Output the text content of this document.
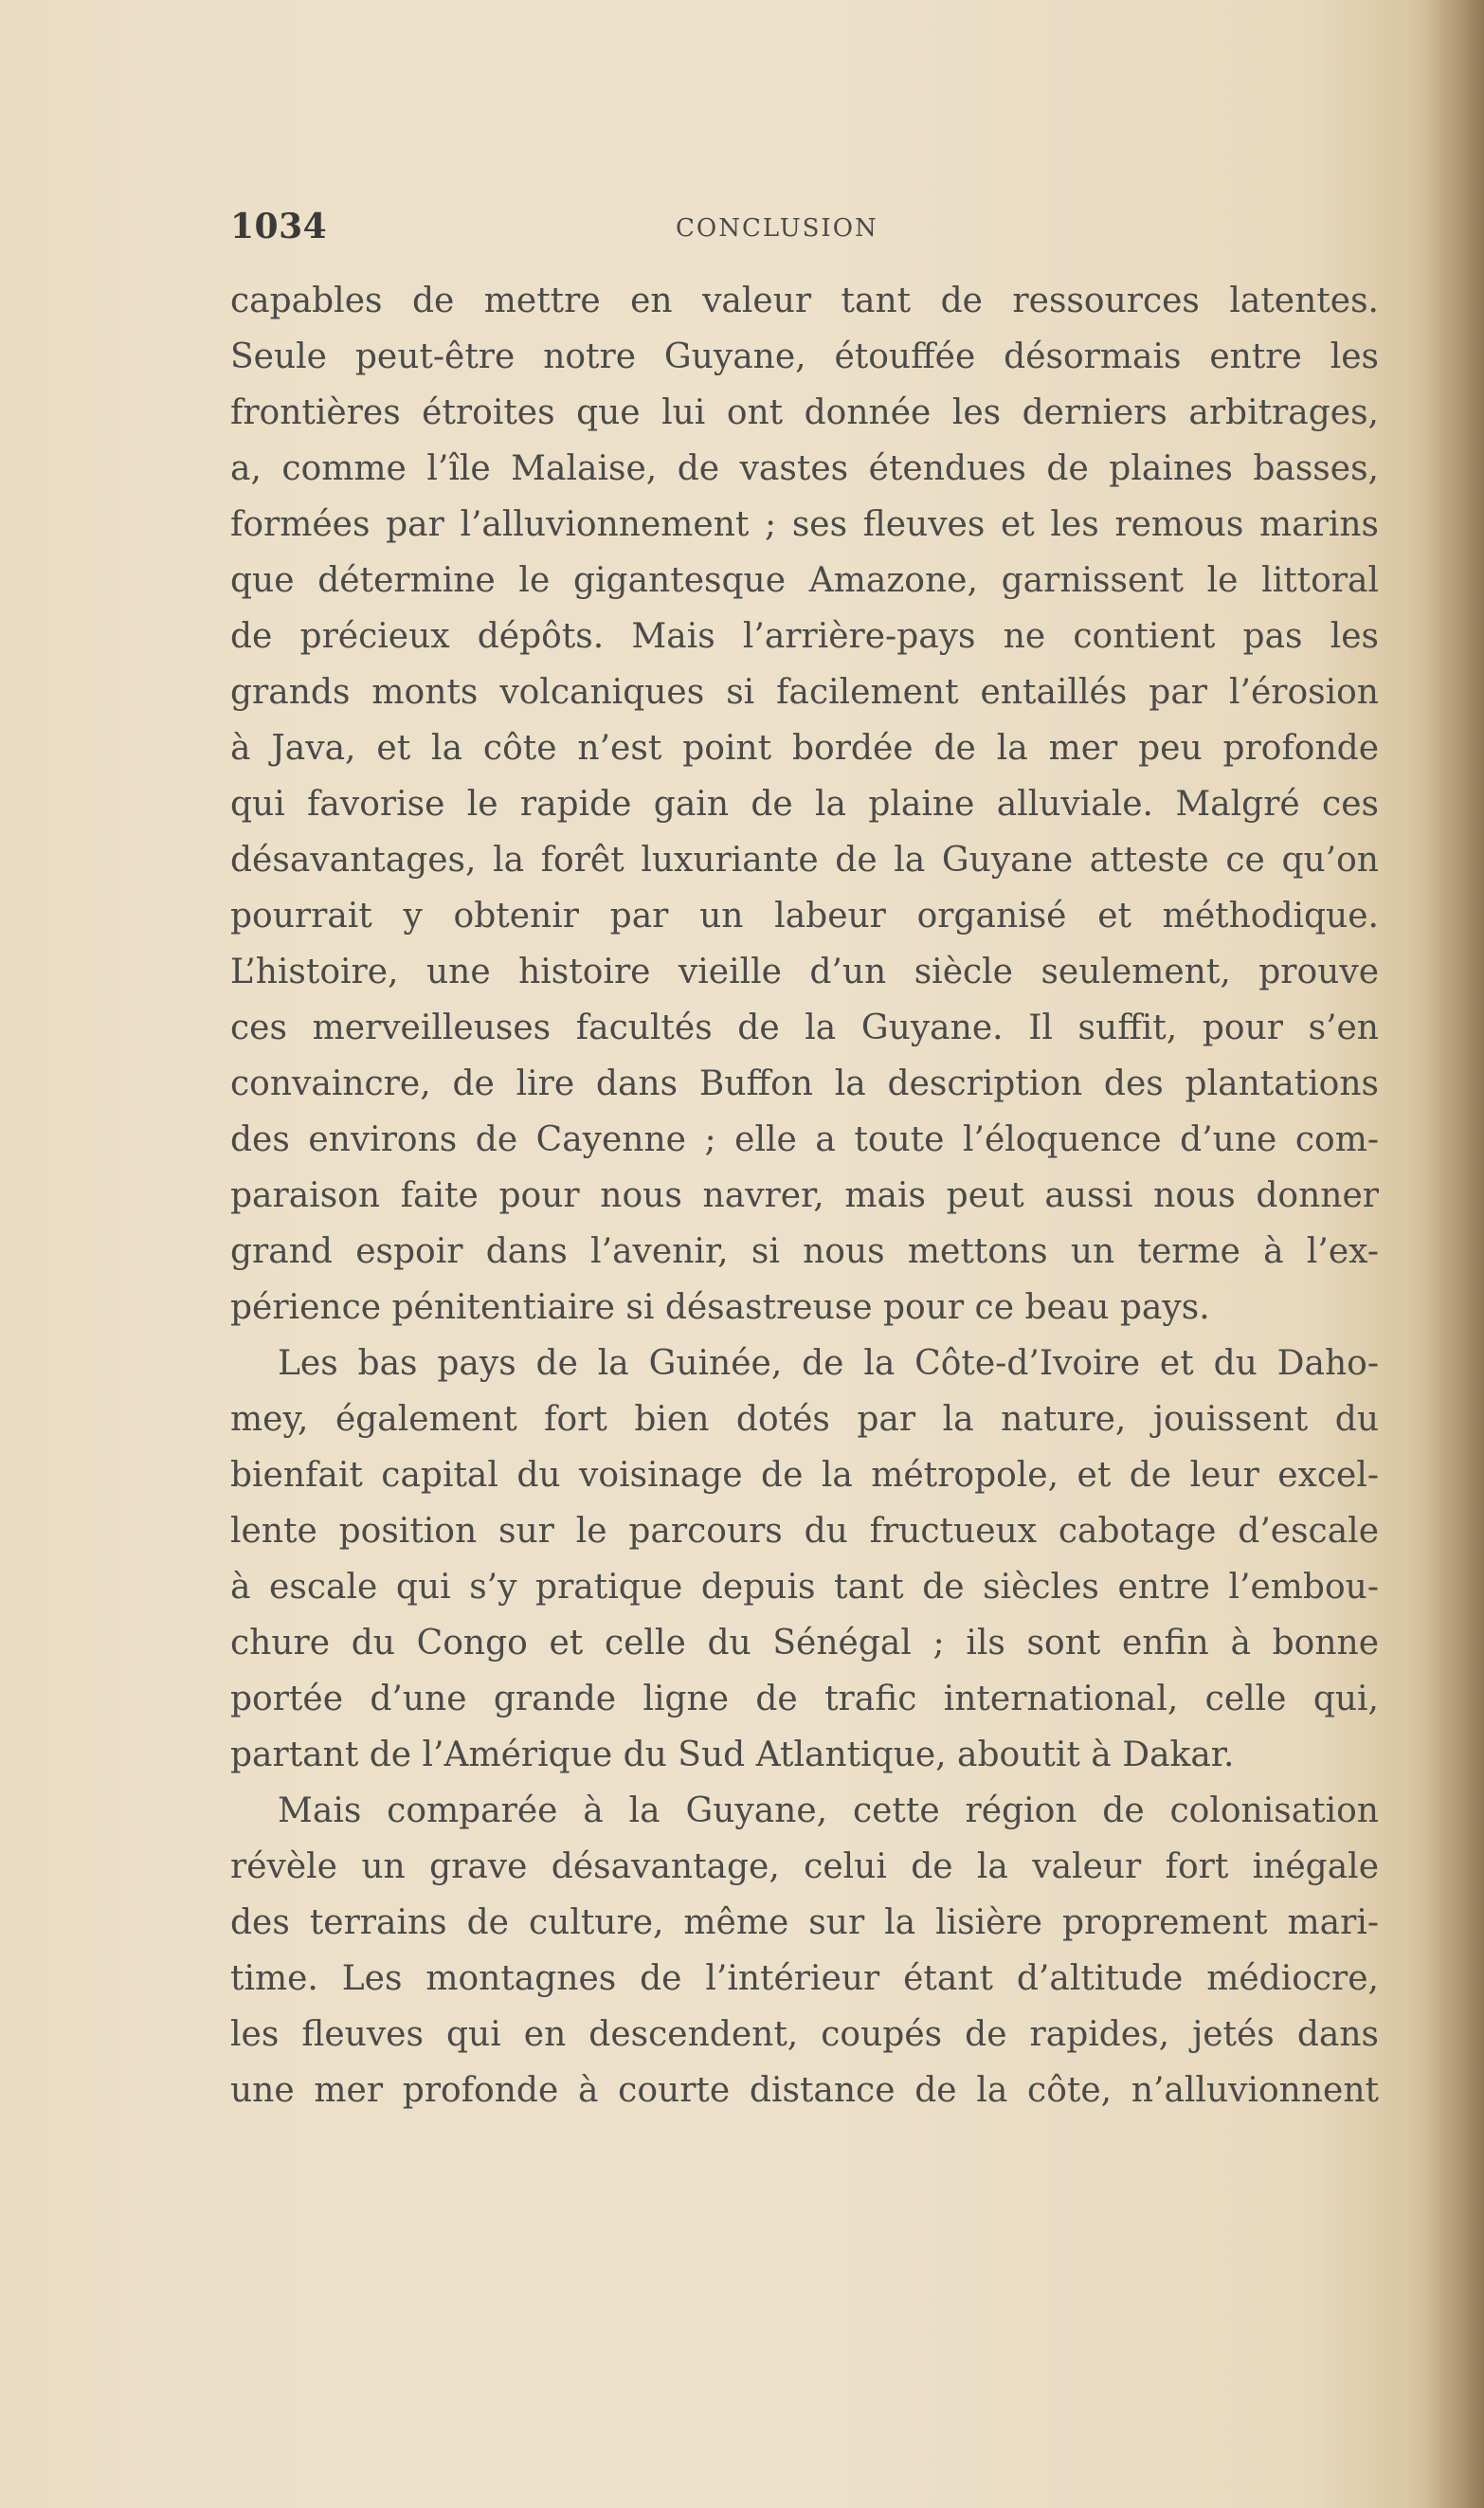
1034	CONCLUSION
capables de mettre en valeur tant de ressources latentes.
Seule peut-être notre Guyane, étouffée désormais entre les
frontières étroites que lui ont donnée les derniers arbitrages,
a, comme l’île Malaise, de vastes étendues de plaines basses,
formées par l’alluvionnement ; ses fleuves et les remous marins
que détermine le gigantesque Amazone, garnissent le littoral
de précieux dépôts. Mais l’arrière-pays ne contient pas les
grands monts volcaniques si facilement entaillés par l’érosion
à Java, et la côte n’est point bordée de la mer peu profonde
qui favorise le rapide gain de la plaine alluviale. Malgré ces
désavantages, la forêt luxuriante de la Guyane atteste ce qu’on
pourrait y obtenir par un labeur organisé et méthodique.
L’histoire, une histoire vieille d’un siècle seulement, prouve
ces merveilleuses facultés de la Guyane. Il suffit, pour s’en
convaincre, de lire dans Buffon la description des plantations
des environs de Cayenne ; elle a toute l’éloquence d’une com-
paraison faite pour nous navrer, mais peut aussi nous donner
grand espoir dans l’avenir, si nous mettons un terme à l’ex-
périence pénitentiaire si désastreuse pour ce beau pays.
Les bas pays de la Guinée, de la Côte-d’Ivoire et du Daho-
mey, également fort bien dotés par la nature, jouissent du
bienfait capital du voisinage de la métropole, et de leur excel-
lente position sur le parcours du fructueux cabotage d’escale
à escale qui s’y pratique depuis tant de siècles entre l’embou-
chure du Congo et celle du Sénégal ; ils sont enfin à bonne
portée d’une grande ligne de trafic international, celle qui,
partant de l’Amérique du Sud Atlantique, aboutit à Dakar.
Mais comparée à la Guyane, cette région de colonisation
révèle un grave désavantage, celui de la valeur fort inégale
des terrains de culture, même sur la lisière proprement mari-
time. Les montagnes de l’intérieur étant d’altitude médiocre,
les fleuves qui en descendent, coupés de rapides, jetés dans
une mer profonde à courte distance de la côte, n’alluvionnent
